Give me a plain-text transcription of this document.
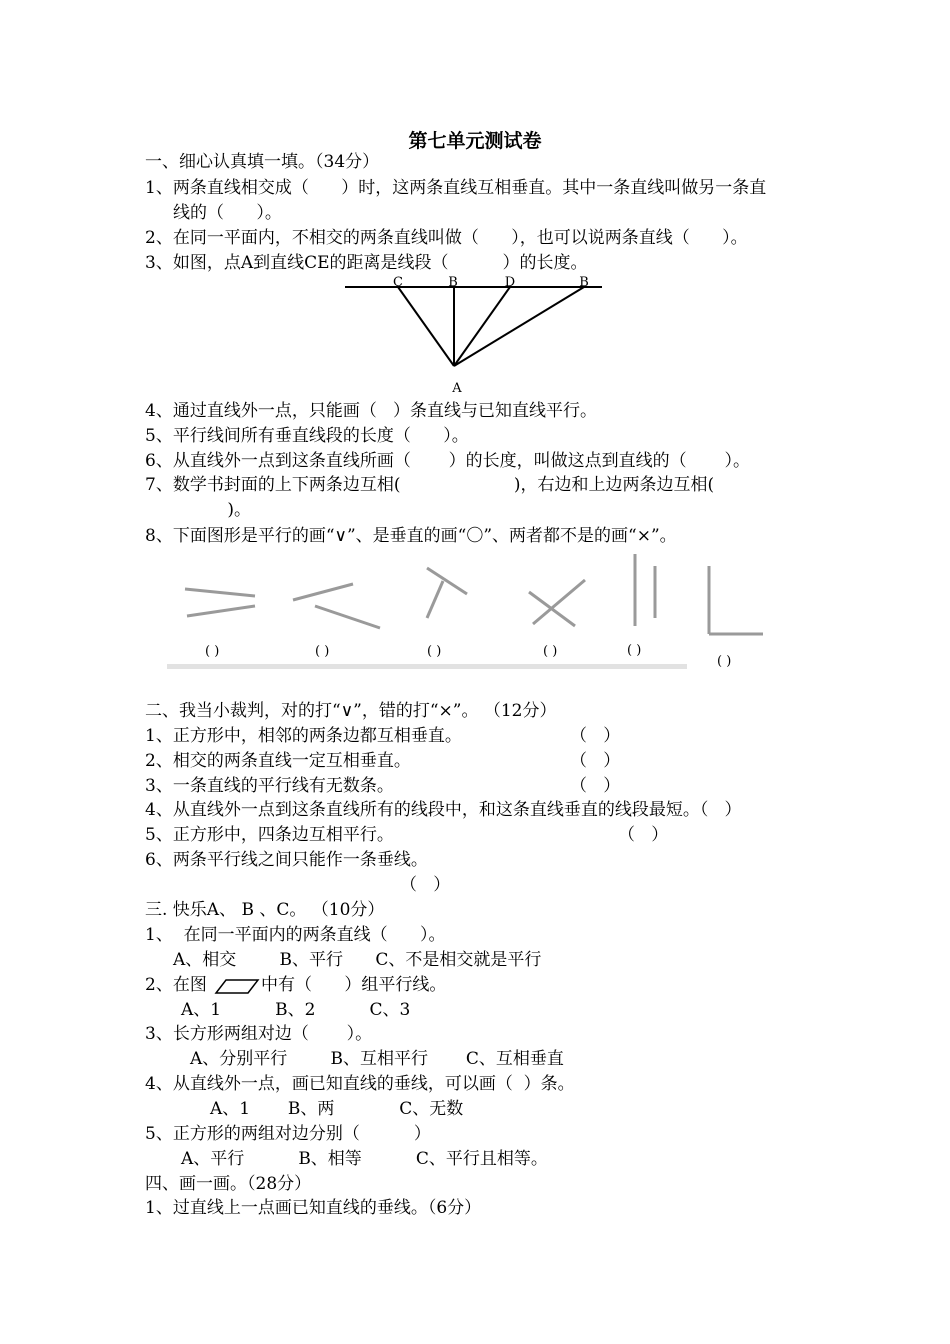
第七单元测试卷
一、细心认真填一填。（34分）
1、两条直线相交成（      ）时，这两条直线互相垂直。其中一条直线叫做另一条直
线的（      ）。
2、在同一平面内，不相交的两条直线叫做（      ），也可以说两条直线（      ）。
3、如图，点A到直线CE的距离是线段（          ）的长度。
C	B	D	B
A
4、通过直线外一点，只能画（   ）条直线与已知直线平行。
5、平行线间所有垂直线段的长度（      ）。
6、从直线外一点到这条直线所画（       ）的长度，叫做这点到直线的（       ）。
7、数学书封面的上下两条边互相(                     )，右边和上边两条边互相(
)。
8、下面图形是平行的画“∨”、是垂直的画“〇”、两者都不是的画“×”。
( )	( )	( )	( )	( )
( )
二、我当小裁判，对的打“∨”，错的打“×”。 （12分）
1、正方形中，相邻的两条边都互相垂直。	（   ）
2、相交的两条直线一定互相垂直。	（   ）
3、一条直线的平行线有无数条。	（   ）
4、从直线外一点到这条直线所有的线段中，和这条直线垂直的线段最短。（   ）
5、正方形中，四条边互相平行。	（   ）
6、两条平行线之间只能作一条垂线。
（   ）
三. 快乐A、 B 、C。 （10分）
1、  在同一平面内的两条直线（      ）。
A、相交        B、平行      C、不是相交就是平行
2、在图	中有（      ）组平行线。
A、1          B、2          C、3
3、长方形两组对边（       ）。
A、分别平行        B、互相平行       C、互相垂直
4、从直线外一点，画已知直线的垂线，可以画（  ）条。
A、1       B、两            C、无数
5、正方形的两组对边分别（          ）
A、平行          B、相等          C、平行且相等。
四、画一画。（28分）
1、过直线上一点画已知直线的垂线。（6分）
